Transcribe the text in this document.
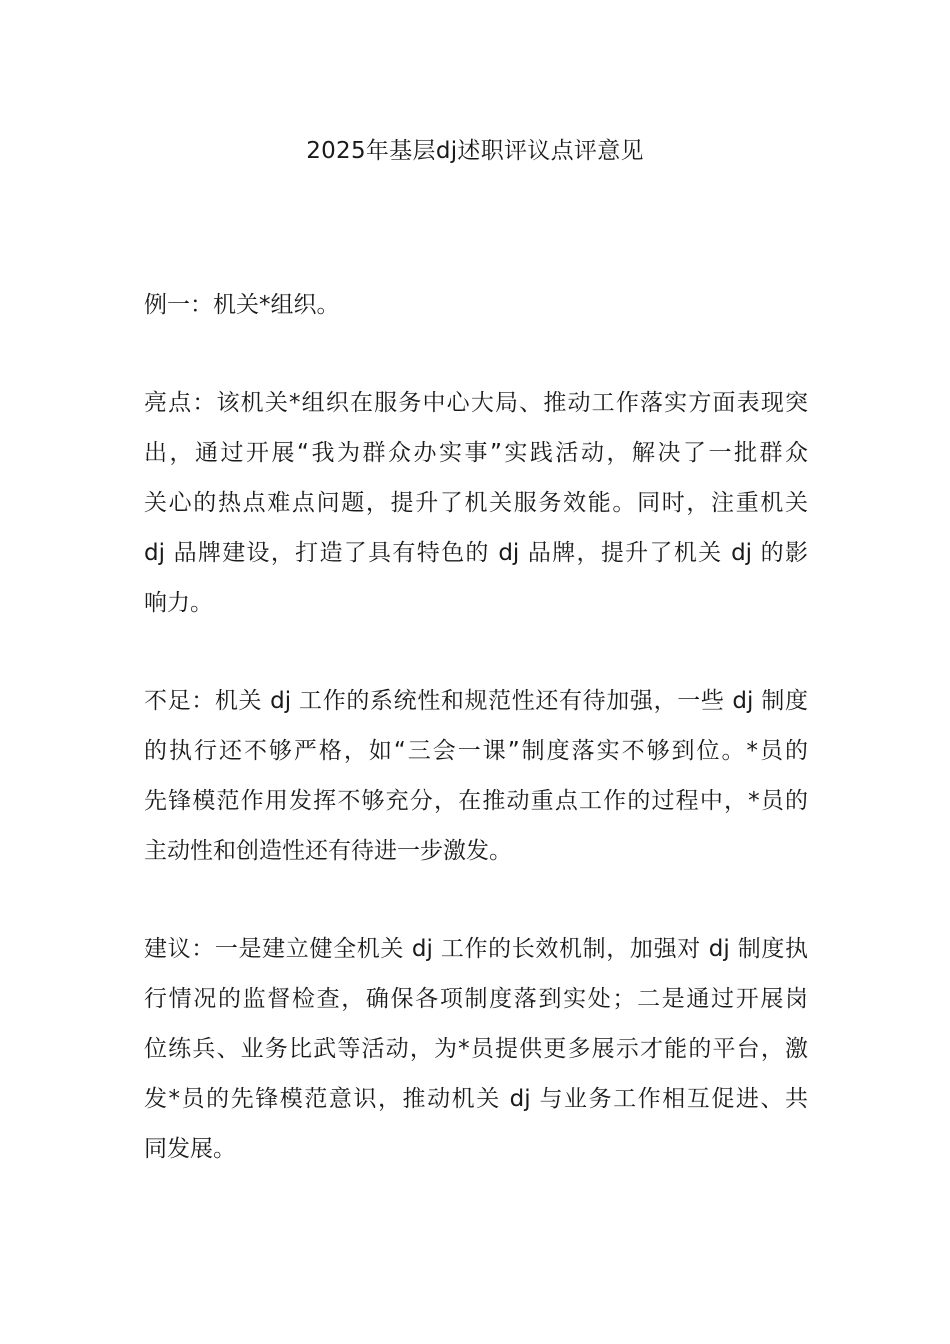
2025年基层dj述职评议点评意见

例一：机关*组织。

亮点：该机关*组织在服务中心大局、推动工作落实方面表现突
出，通过开展“我为群众办实事”实践活动，解决了一批群众
关心的热点难点问题，提升了机关服务效能。同时，注重机关
dj 品牌建设，打造了具有特色的 dj 品牌，提升了机关 dj 的影
响力。

不足：机关 dj 工作的系统性和规范性还有待加强，一些 dj 制度
的执行还不够严格，如“三会一课”制度落实不够到位。*员的
先锋模范作用发挥不够充分，在推动重点工作的过程中，*员的
主动性和创造性还有待进一步激发。

建议：一是建立健全机关 dj 工作的长效机制，加强对 dj 制度执
行情况的监督检查，确保各项制度落到实处；二是通过开展岗
位练兵、业务比武等活动，为*员提供更多展示才能的平台，激
发*员的先锋模范意识，推动机关 dj 与业务工作相互促进、共
同发展。
